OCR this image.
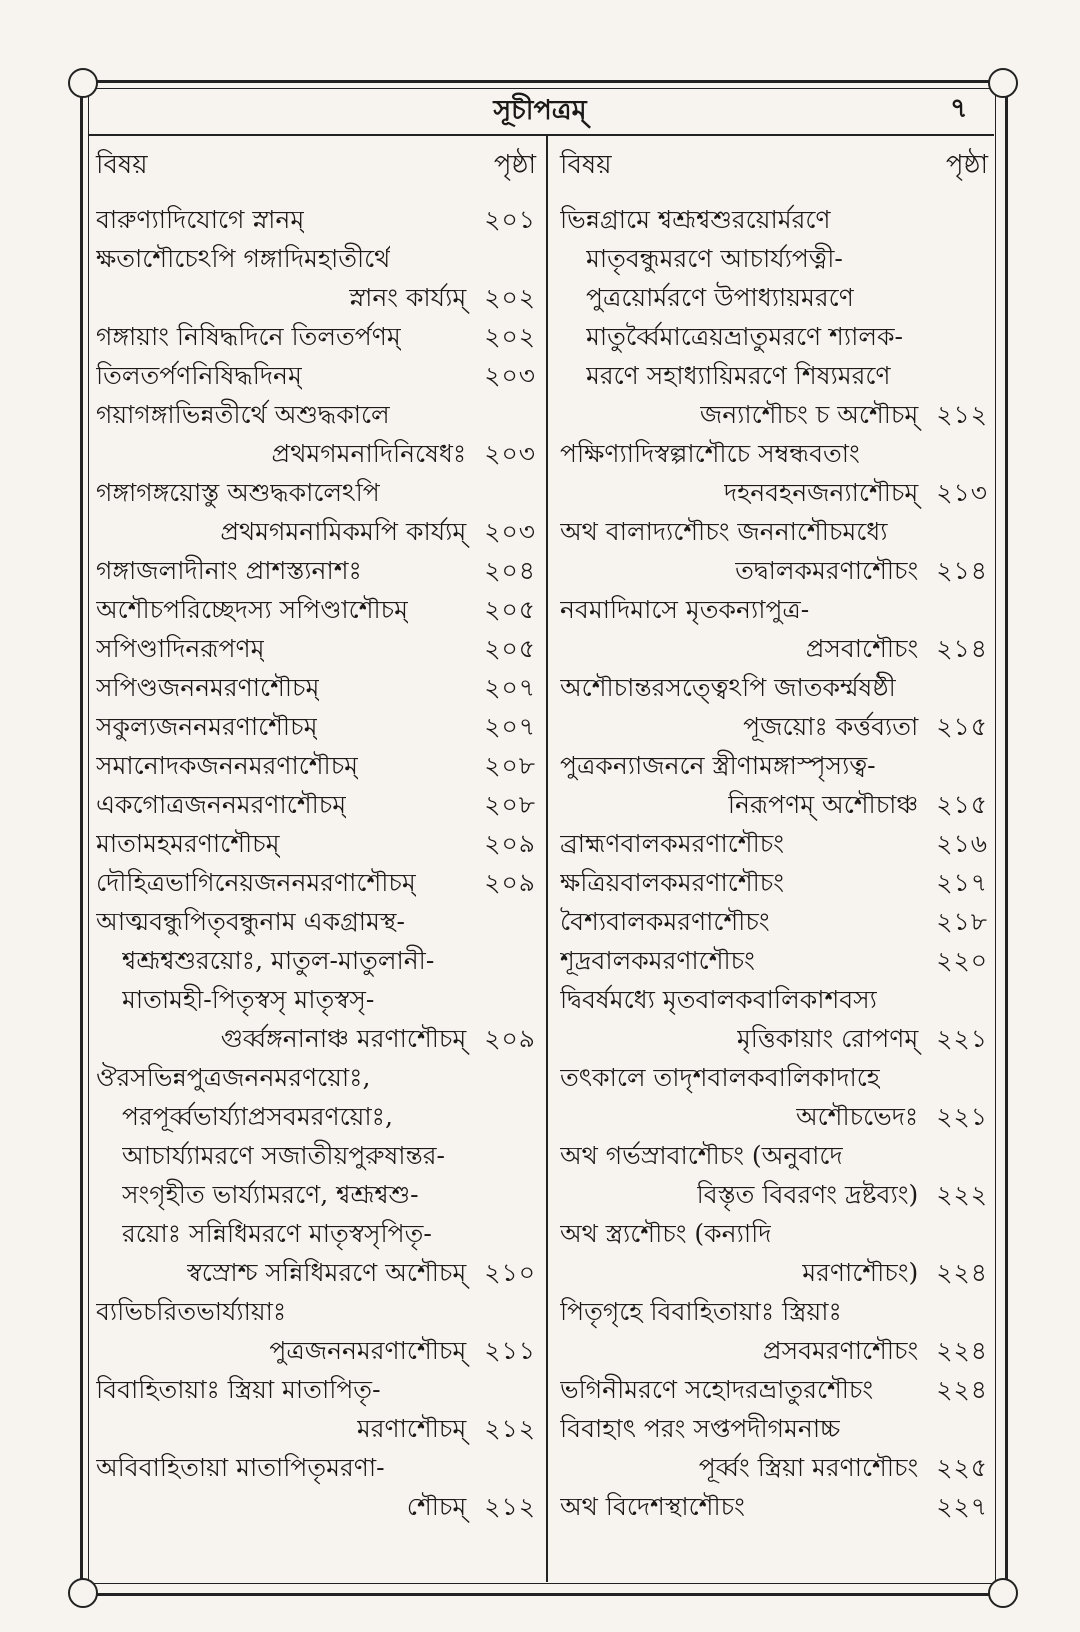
সূচীপত্রম্	৭
বিষয়	পৃষ্ঠা
বারুণ্যাদিযোগে স্নানম্	২০১
ক্ষতাশৌচেঽপি গঙ্গাদিমহাতীর্থে
স্নানং কার্য্যম্ ২০২
গঙ্গায়াং নিষিদ্ধদিনে তিলতর্পণম্	২০২
তিলতর্পণনিষিদ্ধদিনম্	২০৩
গয়াগঙ্গাভিন্নতীর্থে অশুদ্ধকালে
প্রথমগমনাদিনিষেধঃ ২০৩
গঙ্গাগঙ্গয়োস্তু অশুদ্ধকালেঽপি
প্রথমগমনামিকমপি কার্য্যম্ ২০৩
গঙ্গাজলাদীনাং প্রাশস্ত্যনাশঃ	২০৪
অশৌচপরিচ্ছেদস্য সপিণ্ডাশৌচম্	২০৫
সপিণ্ডাদিনরূপণম্	২০৫
সপিণ্ডজননমরণাশৌচম্	২০৭
সকুল্যজননমরণাশৌচম্	২০৭
সমানোদকজননমরণাশৌচম্	২০৮
একগোত্রজননমরণাশৌচম্	২০৮
মাতামহমরণাশৌচম্	২০৯
দৌহিত্রভাগিনেয়জননমরণাশৌচম্	২০৯
আত্মবন্ধুপিতৃবন্ধুনাম একগ্রামস্থ-
শ্বশ্রূশ্বশুরয়োঃ, মাতুল-মাতুলানী-
মাতামহী-পিতৃস্বসৃ মাতৃস্বসৃ-
গুর্ব্বঙ্গনানাঞ্চ মরণাশৌচম্ ২০৯
ঔরসভিন্নপুত্রজননমরণয়োঃ,
পরপূর্ব্বভার্য্যাপ্রসবমরণয়োঃ,
আচার্য্যামরণে সজাতীয়পুরুষান্তর-
সংগৃহীত ভার্য্যামরণে, শ্বশ্রূশ্বশু-
রয়োঃ সন্নিধিমরণে মাতৃস্বসৃপিতৃ-
স্বস্রোশ্চ সন্নিধিমরণে অশৌচম্ ২১০
ব্যভিচরিতভার্য্যায়াঃ
পুত্রজননমরণাশৌচম্ ২১১
বিবাহিতায়াঃ স্ত্রিয়া মাতাপিতৃ-
মরণাশৌচম্ ২১২
অবিবাহিতায়া মাতাপিতৃমরণা-
শৌচম্ ২১২
বিষয়	পৃষ্ঠা
ভিন্নগ্রামে শ্বশ্রূশ্বশুরয়োর্মরণে
মাতৃবন্ধুমরণে আচার্য্যপত্নী-
পুত্রয়োর্মরণে উপাধ্যায়মরণে
মাতুর্ব্বৈমাত্রেয়ভ্রাতুমরণে শ্যালক-
মরণে সহাধ্যায়িমরণে শিষ্যমরণে
জন্যাশৌচং চ অশৌচম্ ২১২
পক্ষিণ্যাদিস্বল্পাশৌচে সম্বন্ধবতাং
দহনবহনজন্যাশৌচম্ ২১৩
অথ বালাদ্যশৌচং জননাশৌচমধ্যে
তদ্বালকমরণাশৌচং ২১৪
নবমাদিমাসে মৃতকন্যাপুত্র-
প্রসবাশৌচং ২১৪
অশৌচান্তরসত্ত্বেঽপি জাতকর্ম্মষষ্ঠী
পূজয়োঃ কর্ত্তব্যতা ২১৫
পুত্রকন্যাজননে স্ত্রীণামঙ্গাস্পৃস্যত্ব-
নিরূপণম্ অশৌচাঞ্চ ২১৫
ব্রাহ্মণবালকমরণাশৌচং	২১৬
ক্ষত্রিয়বালকমরণাশৌচং	২১৭
বৈশ্যবালকমরণাশৌচং	২১৮
শূদ্রবালকমরণাশৌচং	২২০
দ্বিবর্ষমধ্যে মৃতবালকবালিকাশবস্য
মৃত্তিকায়াং রোপণম্ ২২১
তৎকালে তাদৃশবালকবালিকাদাহে
অশৌচভেদঃ ২২১
অথ গর্ভস্রাবাশৌচং (অনুবাদে
বিস্তৃত বিবরণং দ্রষ্টব্যং) ২২২
অথ স্ত্র্যশৌচং (কন্যাদি
মরণাশৌচং) ২২৪
পিতৃগৃহে বিবাহিতায়াঃ স্ত্রিয়াঃ
প্রসবমরণাশৌচং ২২৪
ভগিনীমরণে সহোদরভ্রাতুরশৌচং	২২৪
বিবাহাৎ পরং সপ্তপদীগমনাচ্চ
পূর্ব্বং স্ত্রিয়া মরণাশৌচং ২২৫
অথ বিদেশস্থাশৌচং	২২৭
